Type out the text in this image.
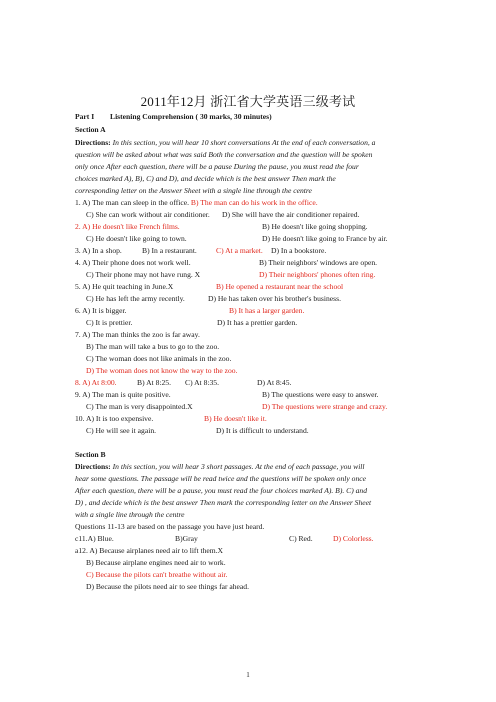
2011年12月 浙江省大学英语三级考试
Part I Listening Comprehension ( 30 marks, 30 minutes)
Section A
Directions: In this section, you will hear 10 short conversations At the end of each conversation, a
question will be asked about what was said Both the conversation and the question will be spoken
only once After each question, there will be a pause During the pause, you must read the four
choices marked A), B), C) and D), and decide which is the best answer Then mark the
corresponding letter on the Answer Sheet with a single line through the centre
1. A) The man can sleep in the office. B) The man can do his work in the office.
C) She can work without air conditioner. D) She will have the air conditioner repaired.
2. A) He doesn't like French films.	B) He doesn't like going shopping.
C) He doesn't like going to town.	D) He doesn't like going to France by air.
3. A) In a shop.	B) In a restaurant.	C) At a market. D) In a bookstore.
4. A) Their phone does not work well.	B) Their neighbors' windows are open.
C) Their phone may not have rung. X	D) Their neighbors' phones often ring.
5. A) He quit teaching in June.X	B) He opened a restaurant near the school
C) He has left the army recently.	D) He has taken over his brother's business.
6. A) It is bigger.	B) It has a larger garden.
C) It is prettier.	D) It has a prettier garden.
7. A) The man thinks the zoo is far away.
B) The man will take a bus to go to the zoo.
C) The woman does not like animals in the zoo.
D) The woman does not know the way to the zoo.
8. A) At 8:00.	B) At 8:25. C) At 8:35.	D) At 8:45.
9. A) The man is quite positive.	B) The questions were easy to answer.
C) The man is very disappointed.X	D) The questions were strange and crazy.
10. A) It is too expensive.	B) He doesn't like it.
C) He will see it again.	D) It is difficult to understand.
Section B
Directions: In this section, you will hear 3 short passages. At the end of each passage, you will
hear some questions. The passage will be read twice and the questions will be spoken only once
After each question, there will be a pause, you must read the four choices marked A). B). C) and
D) , and decide which is the best answer Then mark the corresponding letter on the Answer Sheet
with a single line through the centre
Questions 11-13 are based on the passage you have just heard.
c11.A) Blue.	B)Gray	C) Red.	D) Colorless.
a12. A) Because airplanes need air to lift them.X
B) Because airplane engines need air to work.
C) Because the pilots can't breathe without air.
D) Because the pilots need air to see things far ahead.
1
